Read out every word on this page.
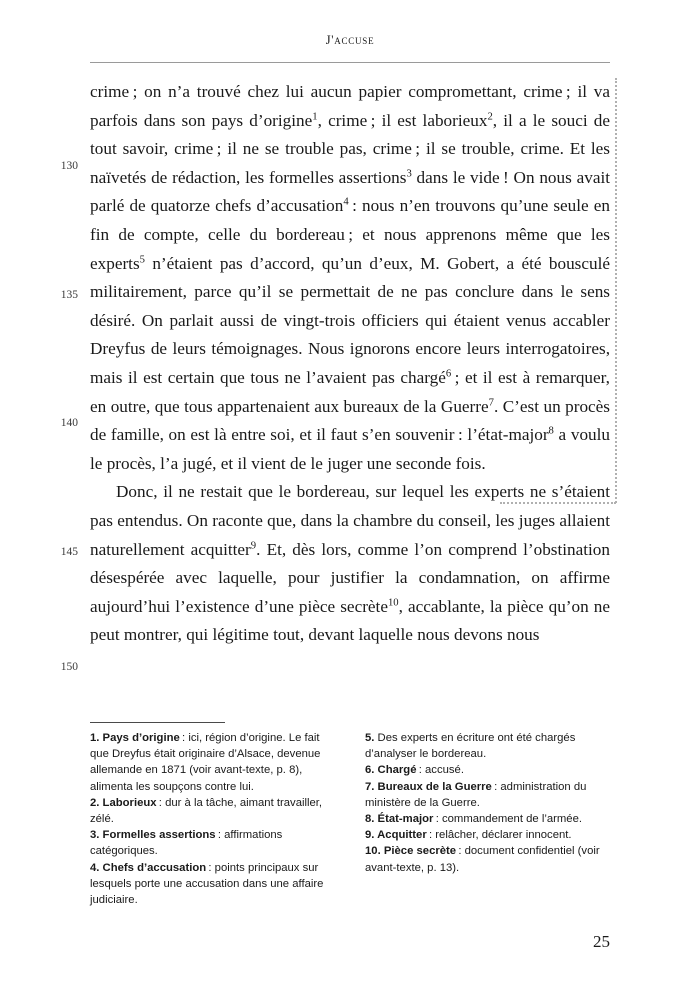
J'accuse
130
135
140
145
150

crime ; on n’a trouvé chez lui aucun papier compromettant, crime ; il va parfois dans son pays d’origine$^1$, crime ; il est laborieux$^2$, il a le souci de tout savoir, crime ; il ne se trouble pas, crime ; il se trouble, crime. Et les naïvetés de rédaction, les formelles assertions$^3$ dans le vide ! On nous avait parlé de quatorze chefs d’accusation$^4$ : nous n’en trouvons qu’une seule en fin de compte, celle du bordereau ; et nous apprenons même que les experts$^5$ n’étaient pas d’accord, qu’un d’eux, M. Gobert, a été bousculé militairement, parce qu’il se permettait de ne pas conclure dans le sens désiré. On parlait aussi de vingt-trois officiers qui étaient venus accabler Dreyfus de leurs témoignages. Nous ignorons encore leurs interrogatoires, mais il est certain que tous ne l’avaient pas chargé$^6$ ; et il est à remarquer, en outre, que tous appartenaient aux bureaux de la Guerre$^7$. C’est un procès de famille, on est là entre soi, et il faut s’en souvenir : l’état-major$^8$ a voulu le procès, l’a jugé, et il vient de le juger une seconde fois.

Donc, il ne restait que le bordereau, sur lequel les experts ne s’étaient pas entendus. On raconte que, dans la chambre du conseil, les juges allaient naturellement acquitter$^9$. Et, dès lors, comme l’on comprend l’obstination désespérée avec laquelle, pour justifier la condamnation, on affirme aujourd’hui l’existence d’une pièce secrète$^{10}$, accablante, la pièce qu’on ne peut montrer, qui légitime tout, devant laquelle nous devons nous

1. Pays d’origine : ici, région d’origine. Le fait que Dreyfus était originaire d’Alsace, devenue allemande en 1871 (voir avant-texte, p. 8), alimenta les soupçons contre lui.

2. Laborieux : dur à la tâche, aimant travailler, zélé.

3. Formelles assertions : affirmations catégoriques.

4. Chefs d’accusation : points principaux sur lesquels porte une accusation dans une affaire judiciaire.

5. Des experts en écriture ont été chargés d’analyser le bordereau.

6. Chargé : accusé.

7. Bureaux de la Guerre : administration du ministère de la Guerre.

8. État-major : commandement de l’armée.

9. Acquitter : relâcher, déclarer innocent.

10. Pièce secrète : document confidentiel (voir avant-texte, p. 13).

25
